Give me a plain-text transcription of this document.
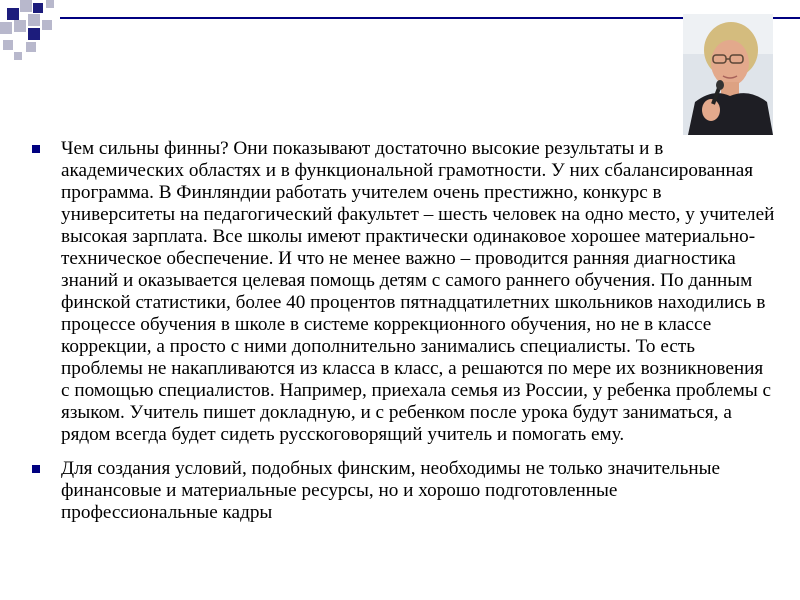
Чем сильны финны? Они показывают достаточно высокие результаты и в академических областях и в функциональной грамотности. У них сбалансированная программа. В Финляндии работать учителем очень престижно, конкурс в университеты на педагогический факультет – шесть человек на одно место, у учителей высокая зарплата. Все школы имеют практически одинаковое хорошее материально-техническое обеспечение. И что не менее важно – проводится ранняя диагностика знаний и оказывается целевая помощь детям с самого раннего обучения. По данным финской статистики, более 40 процентов пятнадцатилетних школьников находились в процессе обучения в школе в системе коррекционного обучения, но не в классе коррекции, а просто с ними дополнительно занимались специалисты. То есть проблемы не накапливаются из класса в класс, а решаются по мере их возникновения с помощью специалистов. Например, приехала семья из России, у ребенка проблемы с языком. Учитель пишет докладную, и с ребенком после урока будут заниматься, а рядом всегда будет сидеть русскоговорящий учитель и помогать ему.
Для создания условий, подобных финским, необходимы не только значительные финансовые и материальные ресурсы, но и хорошо подготовленные профессиональные кадры
